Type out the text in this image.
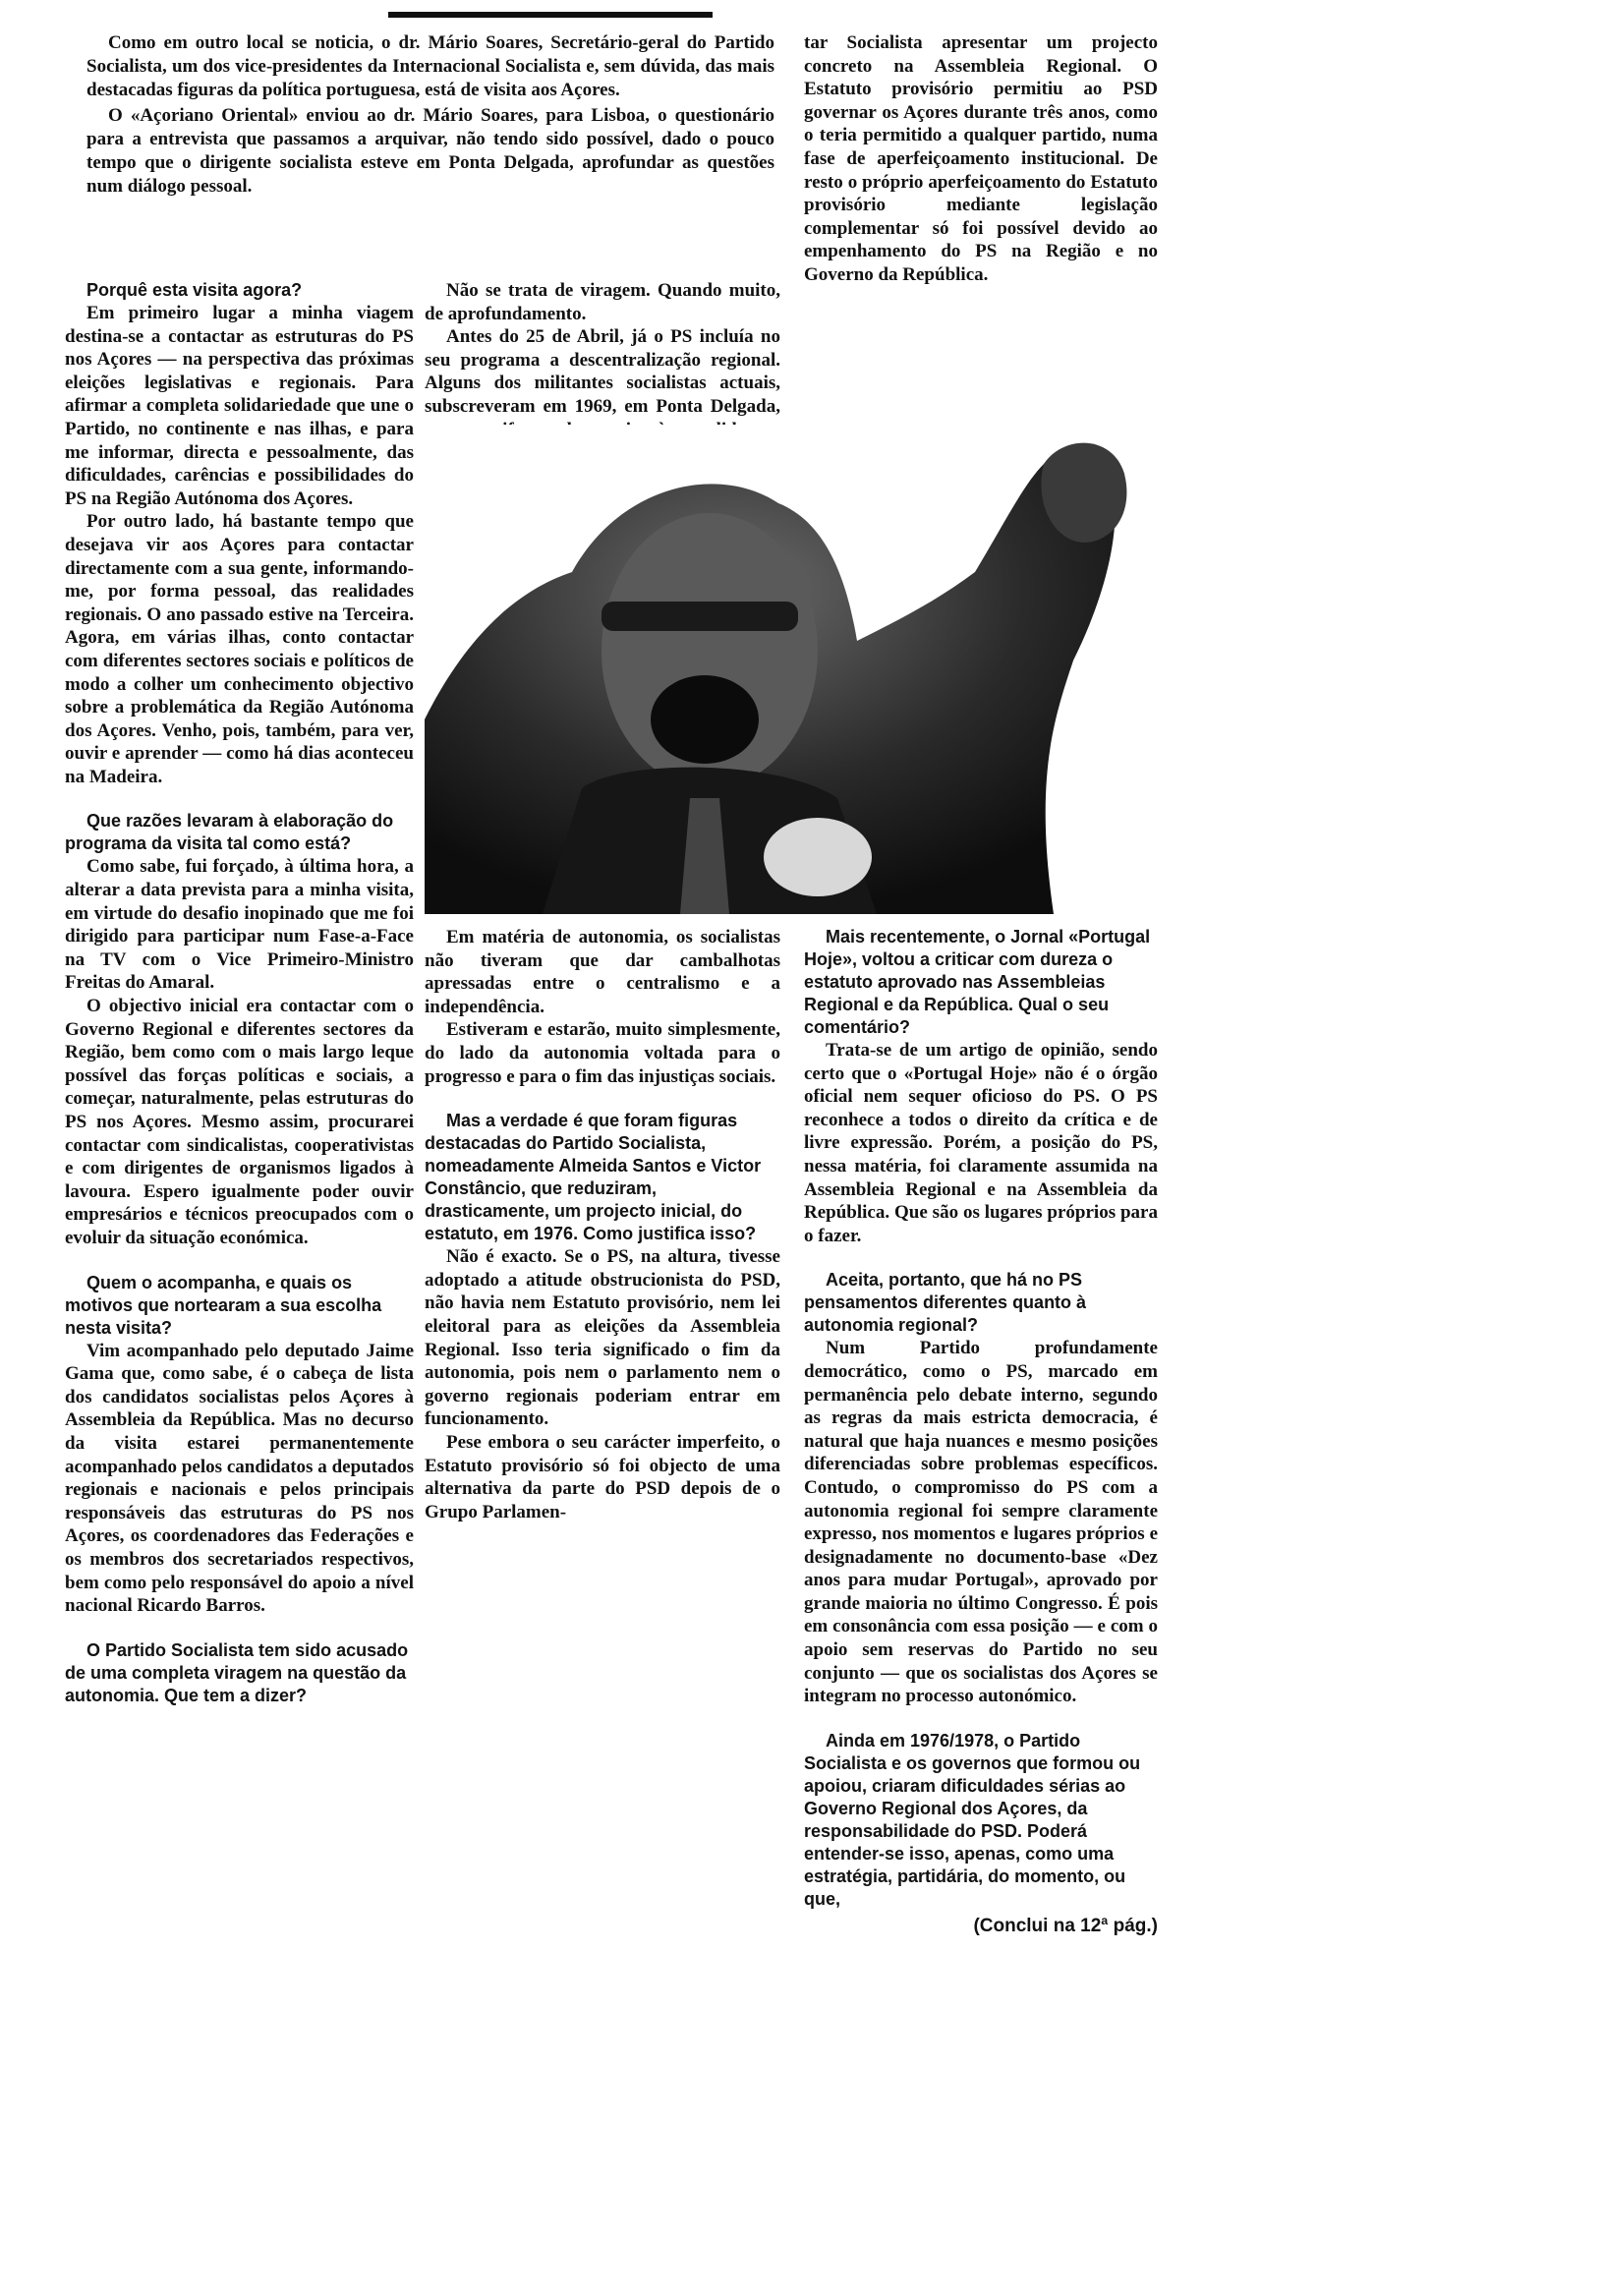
Como em outro local se noticia, o dr. Mário Soares, Secretário-geral do Partido Socialista, um dos vice-presidentes da Internacional Socialista e, sem dúvida, das mais destacadas figuras da política portuguesa, está de visita aos Açores.

O «Açoriano Oriental» enviou ao dr. Mário Soares, para Lisboa, o questionário para a entrevista que passamos a arquivar, não tendo sido possível, dado o pouco tempo que o dirigente socialista esteve em Ponta Delgada, aprofundar as questões num diálogo pessoal.

Porquê esta visita agora?

Em primeiro lugar a minha viagem destina-se a contactar as estruturas do PS nos Açores — na perspectiva das próximas eleições legislativas e regionais. Para afirmar a completa solidariedade que une o Partido, no continente e nas ilhas, e para me informar, directa e pessoalmente, das dificuldades, carências e possibilidades do PS na Região Autónoma dos Açores.

Por outro lado, há bastante tempo que desejava vir aos Açores para contactar directamente com a sua gente, informando-me, por forma pessoal, das realidades regionais. O ano passado estive na Terceira. Agora, em várias ilhas, conto contactar com diferentes sectores sociais e políticos de modo a colher um conhecimento objectivo sobre a problemática da Região Autónoma dos Açores. Venho, pois, também, para ver, ouvir e aprender — como há dias aconteceu na Madeira.

Que razões levaram à elaboração do programa da visita tal como está?

Como sabe, fui forçado, à última hora, a alterar a data prevista para a minha visita, em virtude do desafio inopinado que me foi dirigido para participar num Fase-a-Face na TV com o Vice Primeiro-Ministro Freitas do Amaral.

O objectivo inicial era contactar com o Governo Regional e diferentes sectores da Região, bem como com o mais largo leque possível das forças políticas e sociais, a começar, naturalmente, pelas estruturas do PS nos Açores. Mesmo assim, procurarei contactar com sindicalistas, cooperativistas e com dirigentes de organismos ligados à lavoura. Espero igualmente poder ouvir empresários e técnicos preocupados com o evoluir da situação económica.

Quem o acompanha, e quais os motivos que nortearam a sua escolha nesta visita?

Vim acompanhado pelo deputado Jaime Gama que, como sabe, é o cabeça de lista dos candidatos socialistas pelos Açores à Assembleia da República. Mas no decurso da visita estarei permanentemente acompanhado pelos candidatos a deputados regionais e nacionais e pelos principais responsáveis das estruturas do PS nos Açores, os coordenadores das Federações e os membros dos secretariados respectivos, bem como pelo responsável do apoio a nível nacional Ricardo Barros.

O Partido Socialista tem sido acusado de uma completa viragem na questão da autonomia. Que tem a dizer?

Não se trata de viragem. Quando muito, de aprofundamento.

Antes do 25 de Abril, já o PS incluía no seu programa a descentralização regional. Alguns dos militantes socialistas actuais, subscreveram em 1969, em Ponta Delgada,

Em matéria de autonomia, os socialistas não tiveram que dar cambalhotas apressadas entre o centralismo e a independência.

Estiveram e estarão, muito simplesmente, do lado da autonomia voltada para o progresso e para o fim das injustiças sociais.

Mas a verdade é que foram figuras destacadas do Partido Socialista, nomeadamente Almeida Santos e Victor Constâncio, que reduziram, drasticamente, um projecto inicial, do estatuto, em 1976. Como justifica isso?

Não é exacto. Se o PS, na altura, tivesse adoptado a atitude obstrucionista do PSD, não havia nem Estatuto provisório, nem lei eleitoral para as eleições da Assembleia Regional. Isso teria significado o fim da autonomia, pois nem o parlamento nem o governo regionais poderiam entrar em funcionamento.

Pese embora o seu carácter imperfeito, o Estatuto provisório só foi objecto de uma alternativa da parte do PSD depois de o Grupo Parlamen-

tar Socialista apresentar um projecto concreto na Assembleia Regional. O Estatuto provisório permitiu ao PSD governar os Açores durante três anos, como o teria permitido a qualquer partido, numa fase de aperfeiçoamento institucional. De resto o próprio aperfeiçoamento do Estatuto provisório mediante legislação complementar só foi possível devido ao empenhamento do PS na Região e no Governo da República.

Mais recentemente, o Jornal «Portugal Hoje», voltou a criticar com dureza o estatuto aprovado nas Assembleias Regional e da República. Qual o seu comentário?

Trata-se de um artigo de opinião, sendo certo que o «Portugal Hoje» não é o órgão oficial nem sequer oficioso do PS. O PS reconhece a todos o direito da crítica e de livre expressão. Porém, a posição do PS, nessa matéria, foi claramente assumida na Assembleia Regional e na Assembleia da República. Que são os lugares próprios para o fazer.

Aceita, portanto, que há no PS pensamentos diferentes quanto à autonomia regional?

Num Partido profundamente democrático, como o PS, marcado em permanência pelo debate interno, segundo as regras da mais estricta democracia, é natural que haja nuances e mesmo posições diferenciadas sobre problemas específicos. Contudo, o compromisso do PS com a autonomia regional foi sempre claramente expresso, nos momentos e lugares próprios e designadamente no documento-base «Dez anos para mudar Portugal», aprovado por grande maioria no último Congresso. É pois em consonância com essa posição — e com o apoio sem reservas do Partido no seu conjunto — que os socialistas dos Açores se integram no processo autonómico.

Ainda em 1976/1978, o Partido Socialista e os governos que formou ou apoiou, criaram dificuldades sérias ao Governo Regional dos Açores, da responsabilidade do PSD. Poderá entender-se isso, apenas, como uma estratégia, partidária, do momento, ou que,

(Conclui na 12ª pág.)
